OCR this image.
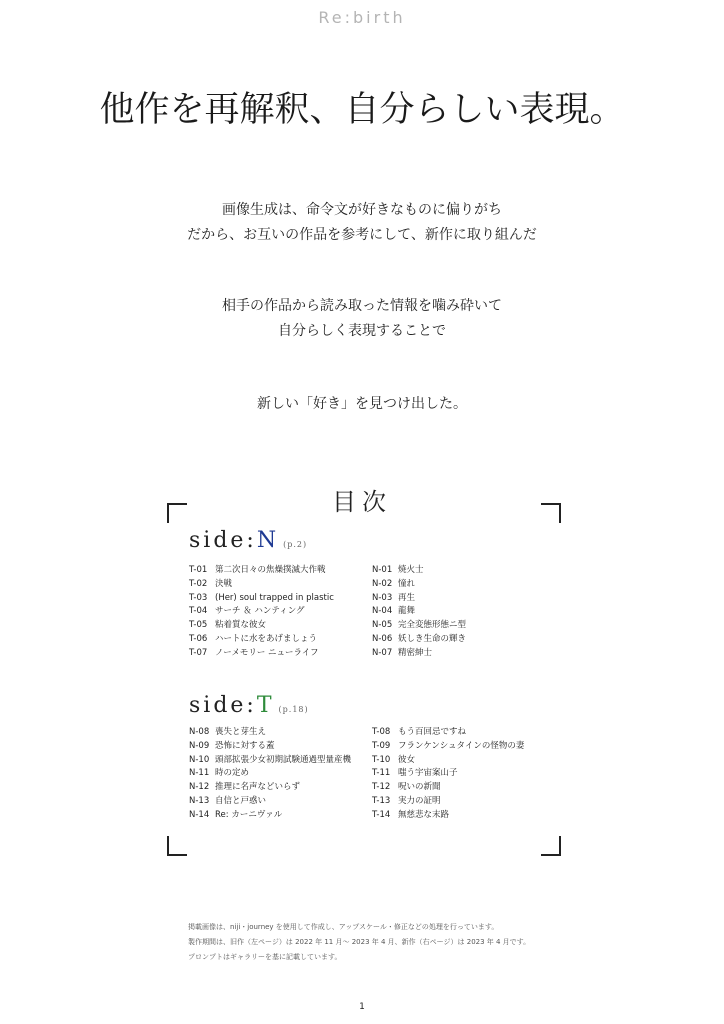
Re:birth
他作を再解釈、自分らしい表現。
画像生成は、命令文が好きなものに偏りがち
だから、お互いの作品を参考にして、新作に取り組んだ
相手の作品から読み取った情報を噛み砕いて
自分らしく表現することで
新しい「好き」を見つけ出した。
目次
side:N (p.2)
T-01 第二次日々の焦燥撲滅大作戦
T-02 決戦
T-03 (Her) soul trapped in plastic
T-04 サーチ ＆ ハンティング
T-05 粘着質な彼女
T-06 ハートに水をあげましょう
T-07 ノーメモリー ニューライフ
N-01 焼火士
N-02 憧れ
N-03 再生
N-04 龍舞
N-05 完全変態形態ニ型
N-06 妖しき生命の輝き
N-07 精密紳士
side:T (p.18)
N-08 喪失と芽生え
N-09 恐怖に対する蓋
N-10 頭部拡張少女初期試験通過型量産機
N-11 時の定め
N-12 推理に名声などいらず
N-13 自信と戸惑い
N-14 Re: カーニヴァル
T-08 もう百回忌ですね
T-09 フランケンシュタインの怪物の妻
T-10 彼女
T-11 嗤う宇宙案山子
T-12 呪いの新聞
T-13 実力の証明
T-14 無慈悲な末路
掲載画像は、niji・journey を使用して作成し、アップスケール・修正などの処理を行っています。
製作期間は、旧作（左ページ）は 2022 年 11 月〜 2023 年 4 月、新作（右ページ）は 2023 年 4 月です。
プロンプトはギャラリーを基に記載しています。
1
